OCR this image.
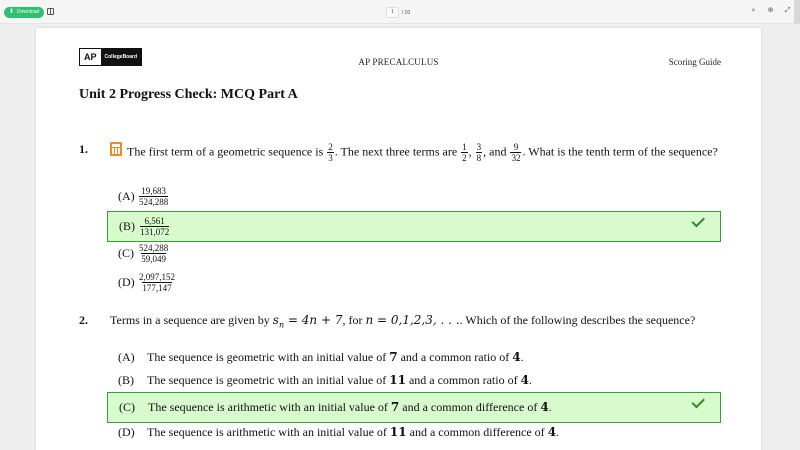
⬇ Download	1	/ 10	⌕	⊕ ⤢
AP	CollegeBoard	AP PRECALCULUS	Scoring Guide
Unit 2 Progress Check: MCQ Part A
1.	The first term of a geometric sequence is $\frac{2}{3}$ . The next three terms are $\frac{1}{2}$ , $\frac{3}{8}$ , and $\frac{9}{32}$ . What is the tenth term of the sequence?
(A) 19,683
524,288
(B)	6,561
131,072
(C) 524,288
59,049
(D) 2,097,152
177,147
2. Terms in a sequence are given by $s_n = 4n + 7$, for n = 0,1,2,3, . . .. Which of the following describes the sequence?
(A)	The sequence is geometric with an initial value of 7 and a common ratio of 4.
(B)	The sequence is geometric with an initial value of 11 and a common ratio of 4.
(C)	The sequence is arithmetic with an initial value of 7 and a common difference of 4.
(D)	The sequence is arithmetic with an initial value of 11 and a common difference of 4.
